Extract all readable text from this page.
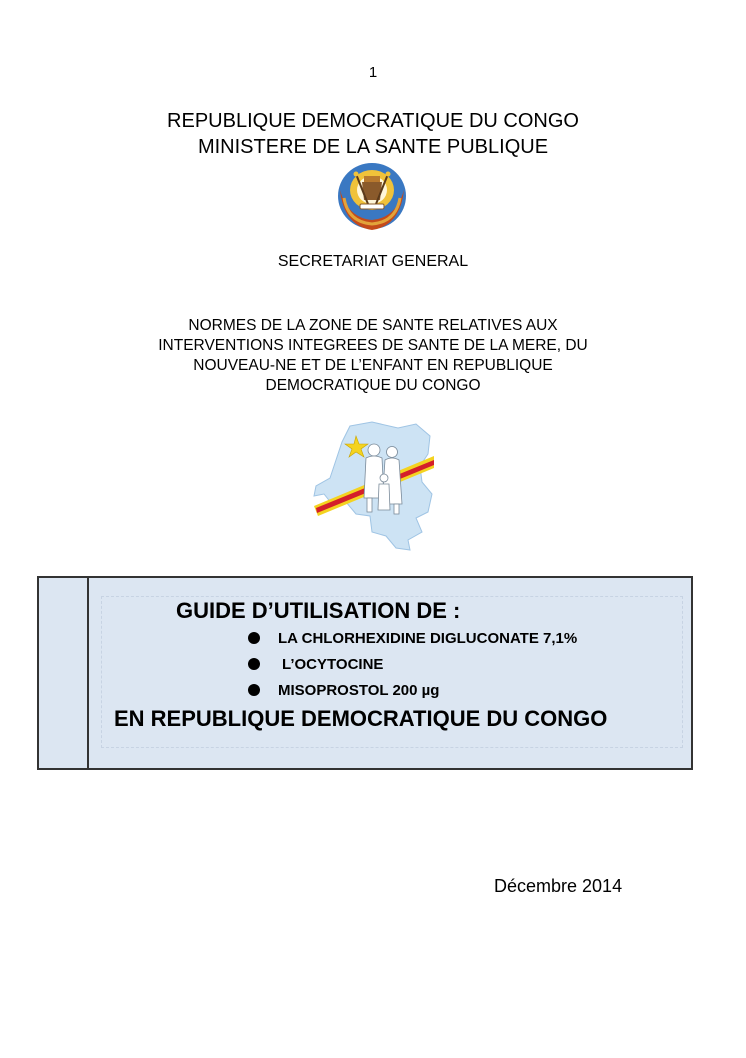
1
REPUBLIQUE DEMOCRATIQUE DU CONGO
MINISTERE DE LA SANTE PUBLIQUE
SECRETARIAT GENERAL
NORMES DE LA ZONE DE SANTE RELATIVES AUX
INTERVENTIONS INTEGREES DE SANTE DE LA MERE, DU
NOUVEAU-NE ET DE L’ENFANT EN REPUBLIQUE
DEMOCRATIQUE DU CONGO
GUIDE D’UTILISATION DE :
LA CHLORHEXIDINE DIGLUCONATE 7,1%
L’OCYTOCINE
MISOPROSTOL 200 µg
EN REPUBLIQUE DEMOCRATIQUE DU CONGO
Décembre 2014
